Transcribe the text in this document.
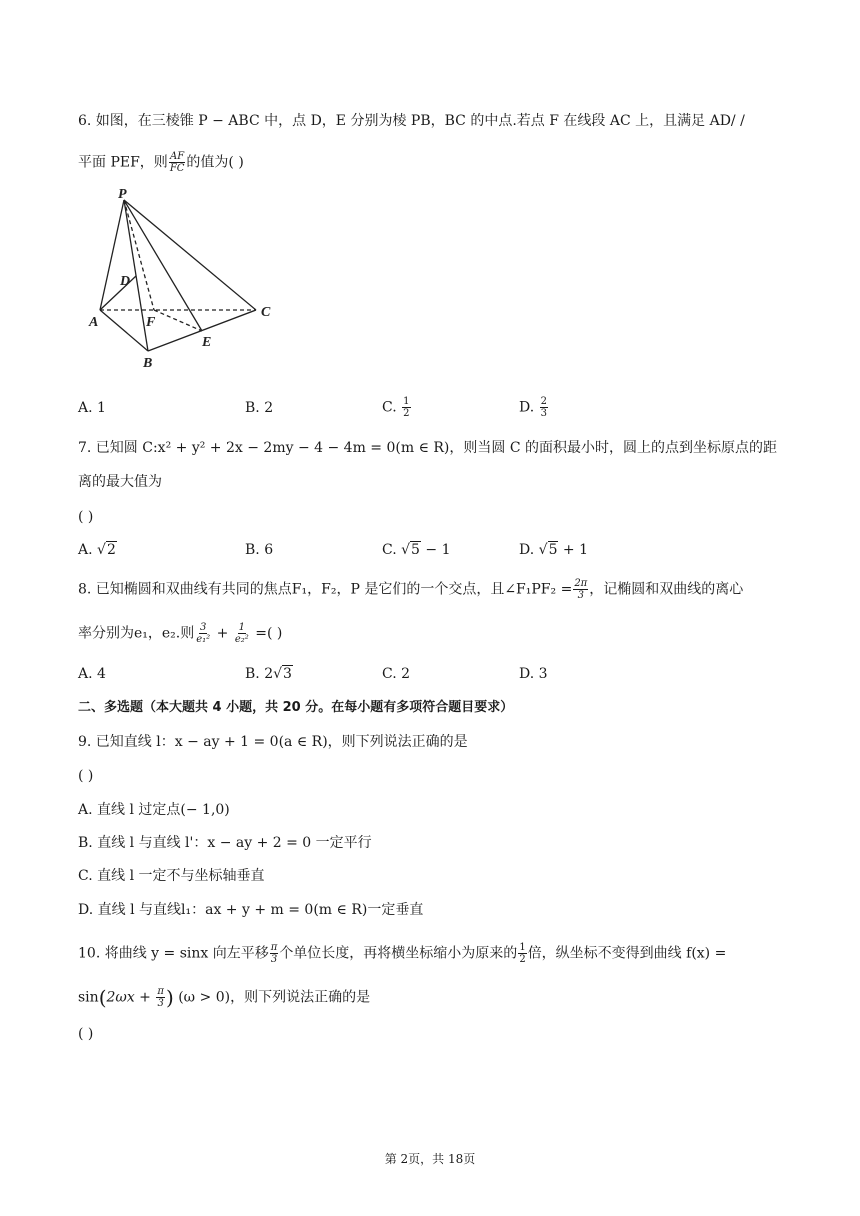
6. 如图，在三棱锥 P − ABC 中，点 D，E 分别为棱 PB，BC 的中点.若点 F 在线段 AC 上，且满足 AD/ /
平面 PEF，则 $\frac{AF}{FC}$ 的值为( )
P
D
A	F
C
E
B
A. 1	B. 2	C. $\frac{1}{2}$	D. $\frac{2}{3}$
7. 已知圆 C:x² + y² + 2x − 2my − 4 − 4m = 0(m ∈ R)，则当圆 C 的面积最小时，圆上的点到坐标原点的距
离的最大值为
( )
A. √2	B. 6	C. √5 − 1	D. √5 + 1
8. 已知椭圆和双曲线有共同的焦点F₁，F₂，P 是它们的一个交点，且∠F₁PF₂ = $\frac{2\pi}{3}$ ，记椭圆和双曲线的离心
率分别为e₁，e₂.则 $\frac{3}{\text{e₁²}} + \frac{1}{\text{e₂²}}$ =( )
A. 4	B. 2√3	C. 2	D. 3
二、多选题（本大题共 4 小题，共 20 分。在每小题有多项符合题目要求）
9. 已知直线 l：x − ay + 1 = 0(a ∈ R)，则下列说法正确的是
( )
A. 直线 l 过定点(− 1,0)
B. 直线 l 与直线 l'：x − ay + 2 = 0 一定平行
C. 直线 l 一定不与坐标轴垂直
D. 直线 l 与直线l₁：ax + y + m = 0(m ∈ R)一定垂直
10. 将曲线 y = sinx 向左平移 $\frac{\pi}{3}$ 个单位长度，再将横坐标缩小为原来的 $\frac{1}{2}$ 倍，纵坐标不变得到曲线 f(x) =
$\sin(2\omega x + \frac{\pi}{3}$ ) (ω > 0)，则下列说法正确的是
( )
第 2页，共 18页
